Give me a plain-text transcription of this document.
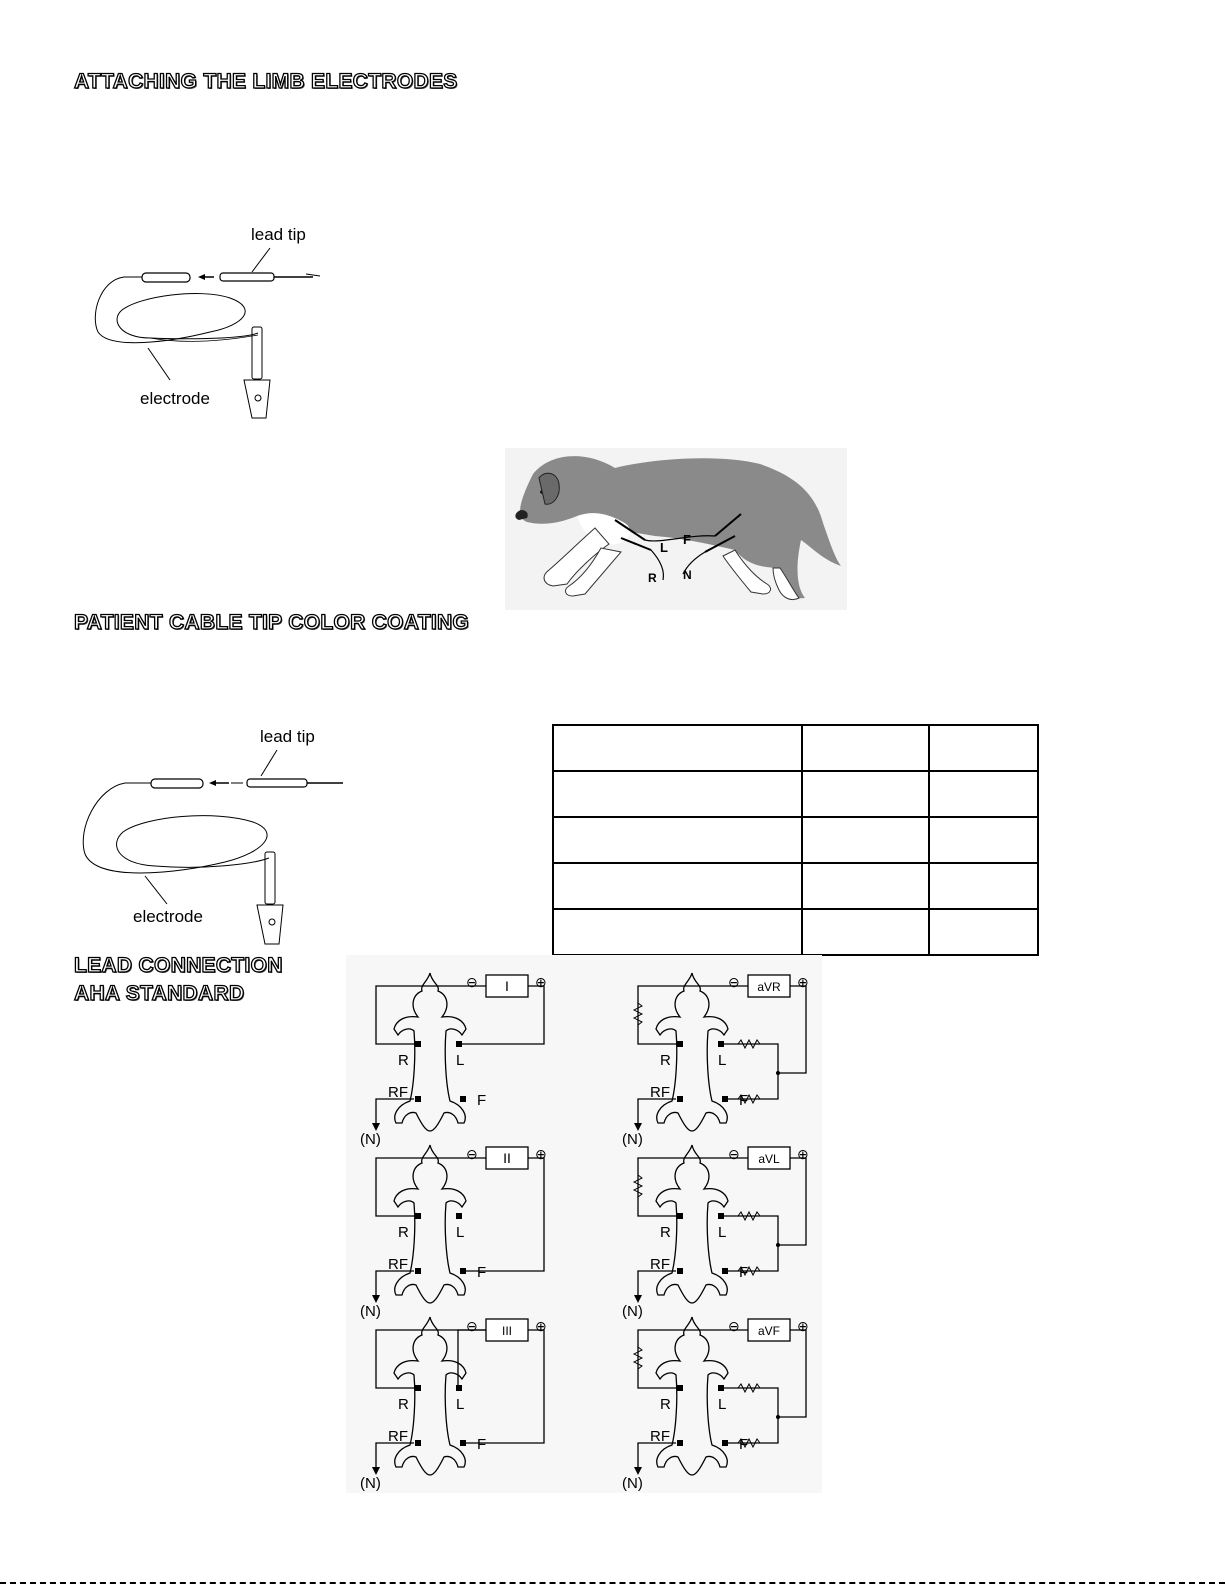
ATTACHING THE LIMB ELECTRODES
PATIENT CABLE TIP COLOR COATING
LEAD CONNECTION
AHA STANDARD
lead tip
electrode
L
F
R N
lead tip
electrode

R	L
RF	F
(N)
I
⊖	⊕
R	L
RF	F
(N)
aVR
⊖	⊕
R	L
RF	F
(N)
II
⊖	⊕
R	L
RF	F
(N)
aVL
⊖	⊕
R	L
RF	F
(N)
III
⊖	⊕
R	L
RF	F
(N)
aVF
⊖	⊕
